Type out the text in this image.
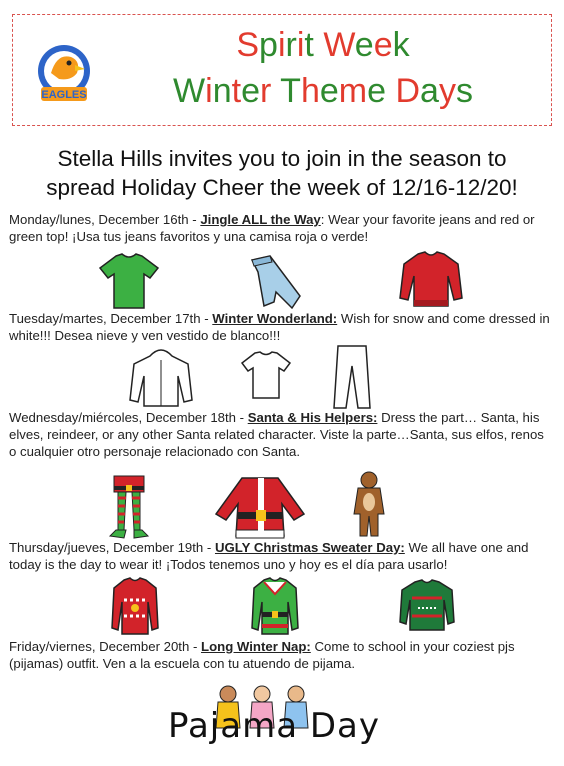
EAGLES
Spirit Week
Winter Theme Days
Stella Hills invites you to join in the season to
spread Holiday Cheer the week of 12/16-12/20!
Monday/lunes, December 16th - Jingle ALL the Way: Wear your favorite jeans and red or green top! ¡Usa tus jeans favoritos y una camisa roja o verde!
Tuesday/martes, December 17th - Winter Wonderland: Wish for snow and come dressed in white!!! Desea nieve y ven vestido de blanco!!!
Wednesday/miércoles, December 18th - Santa & His Helpers: Dress the part… Santa, his elves, reindeer, or any other Santa related character. Viste la parte…Santa, sus elfos, renos o cualquier otro personaje relacionado con Santa.
Thursday/jueves, December 19th - UGLY Christmas Sweater Day: We all have one and today is the day to wear it! ¡Todos tenemos uno y hoy es el día para usarlo!
Friday/viernes, December 20th - Long Winter Nap: Come to school in your coziest pjs (pijamas) outfit. Ven a la escuela con tu atuendo de pijama.
Pajama Day
